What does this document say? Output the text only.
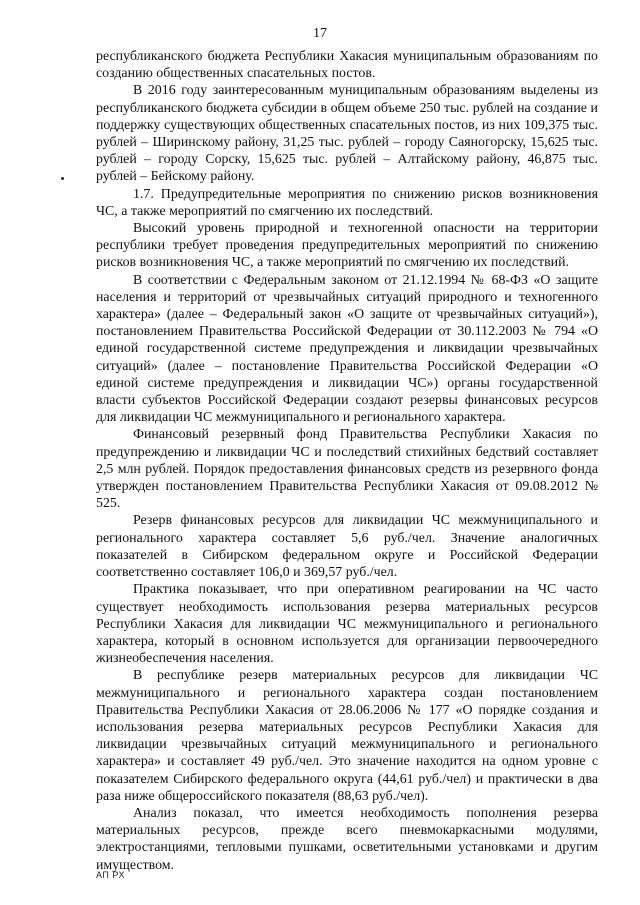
17

республиканского бюджета Республики Хакасия муниципальным образованиям по созданию общественных спасательных постов.

В 2016 году заинтересованным муниципальным образованиям выделены из республиканского бюджета субсидии в общем объеме 250 тыс. рублей на создание и поддержку существующих общественных спасательных постов, из них 109,375 тыс. рублей – Ширинскому району, 31,25 тыс. рублей – городу Саяногорску, 15,625 тыс. рублей – городу Сорску, 15,625 тыс. рублей – Алтайскому району, 46,875 тыс. рублей – Бейскому району.

1.7. Предупредительные мероприятия по снижению рисков возникновения ЧС, а также мероприятий по смягчению их последствий.

Высокий уровень природной и техногенной опасности на территории республики требует проведения предупредительных мероприятий по снижению рисков возникновения ЧС, а также мероприятий по смягчению их последствий.

В соответствии с Федеральным законом от 21.12.1994 № 68-ФЗ «О защите населения и территорий от чрезвычайных ситуаций природного и техногенного характера» (далее – Федеральный закон «О защите от чрезвычайных ситуаций»), постановлением Правительства Российской Федерации от 30.112.2003 № 794 «О единой государственной системе предупреждения и ликвидации чрезвычайных ситуаций» (далее – постановление Правительства Российской Федерации «О единой системе предупреждения и ликвидации ЧС») органы государственной власти субъектов Российской Федерации создают резервы финансовых ресурсов для ликвидации ЧС межмуниципального и регионального характера.

Финансовый резервный фонд Правительства Республики Хакасия по предупреждению и ликвидации ЧС и последствий стихийных бедствий составляет 2,5 млн рублей. Порядок предоставления финансовых средств из резервного фонда утвержден постановлением Правительства Республики Хакасия от 09.08.2012 № 525.

Резерв финансовых ресурсов для ликвидации ЧС межмуниципального и регионального характера составляет 5,6 руб./чел. Значение аналогичных показателей в Сибирском федеральном округе и Российской Федерации соответственно составляет 106,0 и 369,57 руб./чел.

Практика показывает, что при оперативном реагировании на ЧС часто существует необходимость использования резерва материальных ресурсов Республики Хакасия для ликвидации ЧС межмуниципального и регионального характера, который в основном используется для организации первоочередного жизнеобеспечения населения.

В республике резерв материальных ресурсов для ликвидации ЧС межмуниципального и регионального характера создан постановлением Правительства Республики Хакасия от 28.06.2006 № 177 «О порядке создания и использования резерва материальных ресурсов Республики Хакасия для ликвидации чрезвычайных ситуаций межмуниципального и регионального характера» и составляет 49 руб./чел. Это значение находится на одном уровне с показателем Сибирского федерального округа (44,61 руб./чел) и практически в два раза ниже общероссийского показателя (88,63 руб./чел).

Анализ показал, что имеется необходимость пополнения резерва материальных ресурсов, прежде всего пневмокаркасными модулями, электростанциями, тепловыми пушками, осветительными установками и другим имуществом.

АП РХ
